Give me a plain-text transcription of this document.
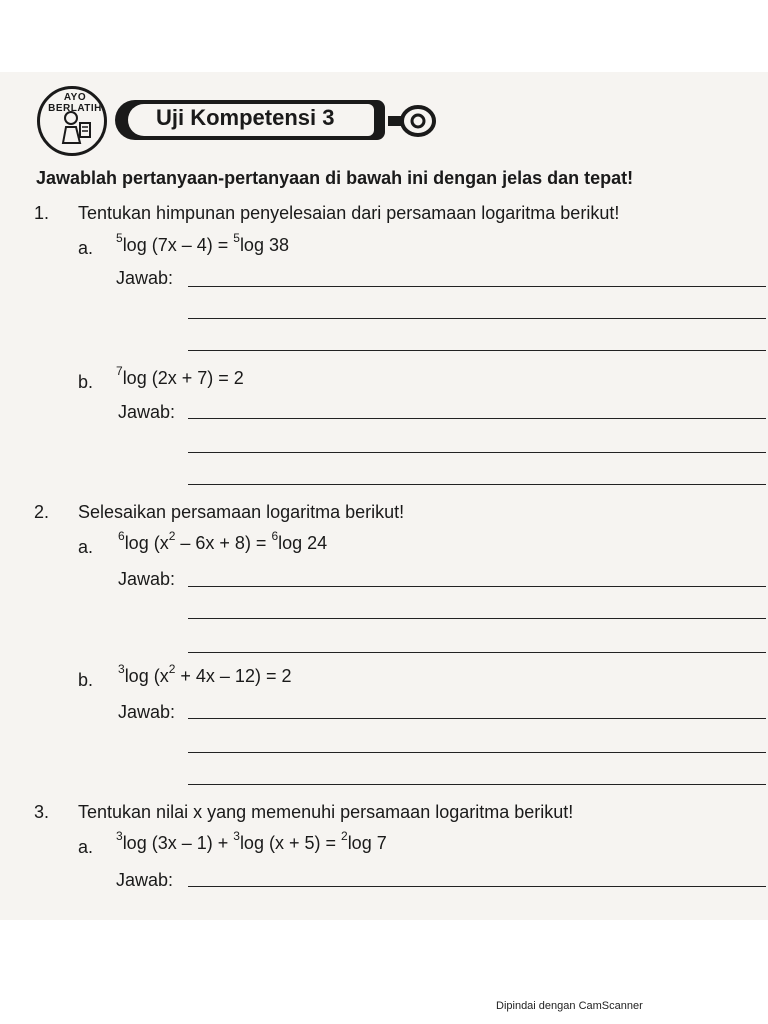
AYO BERLATIH	Uji Kompetensi 3
Jawablah pertanyaan-pertanyaan di bawah ini dengan jelas dan tepat!
1. Tentukan himpunan penyelesaian dari persamaan logaritma berikut!
a. $^5$log (7x – 4) = $^5$log 38
Jawab:
b.
$^7$log (2x + 7) = 2
Jawab:
2. Selesaikan persamaan logaritma berikut!
a.
$^6$log $(x^2 - 6x + 8) = ^6\log$ 24
Jawab:
b.
$^3$log $(x^2 + 4x - 12) = 2$
Jawab:
3. Tentukan nilai x yang memenuhi persamaan logaritma berikut!
a.
$^3$log (3x – 1) + $^3$log (x + 5) = $^2$log 7
Jawab:
Dipindai dengan CamScanner
